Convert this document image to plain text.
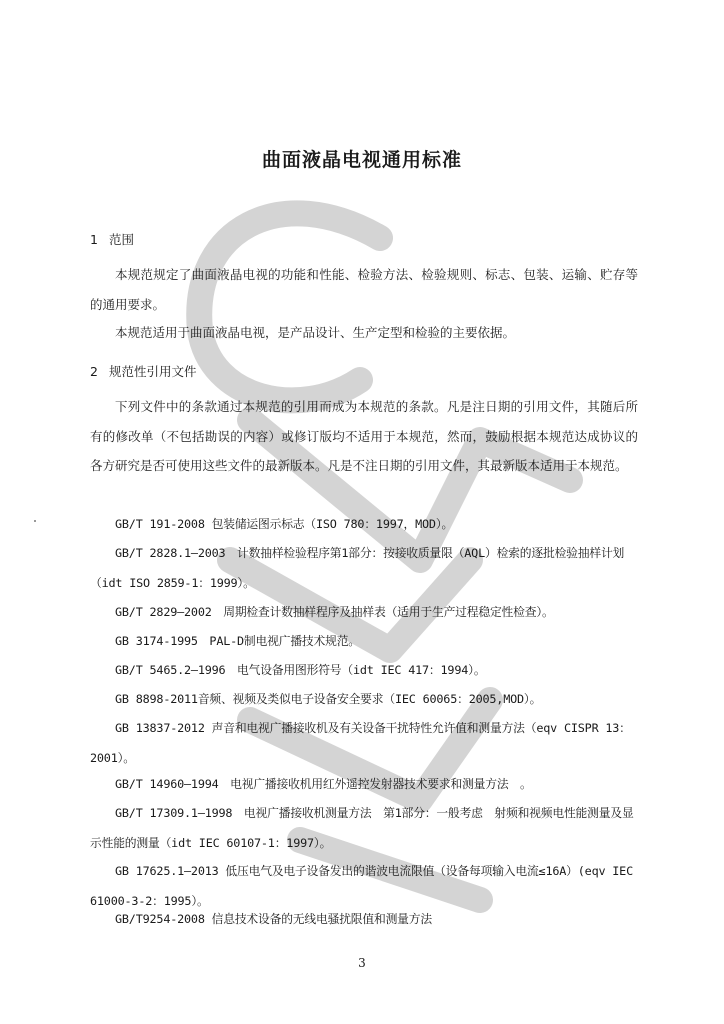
曲面液晶电视通用标准
1 范围
本规范规定了曲面液晶电视的功能和性能、检验方法、检验规则、标志、包装、运输、贮存等的通用要求。
本规范适用于曲面液晶电视，是产品设计、生产定型和检验的主要依据。
2 规范性引用文件
下列文件中的条款通过本规范的引用而成为本规范的条款。凡是注日期的引用文件，其随后所有的修改单（不包括勘误的内容）或修订版均不适用于本规范，然而，鼓励根据本规范达成协议的各方研究是否可使用这些文件的最新版本。凡是不注日期的引用文件，其最新版本适用于本规范。
GB/T 191-2008 包装储运图示标志（ISO 780：1997，MOD）。
GB/T 2828.1—2003　计数抽样检验程序第1部分：按接收质量限（AQL）检索的逐批检验抽样计划（idt ISO 2859-1：1999）。
GB/T 2829—2002　周期检查计数抽样程序及抽样表（适用于生产过程稳定性检查）。
GB 3174-1995　PAL-D制电视广播技术规范。
GB/T 5465.2—1996　电气设备用图形符号（idt IEC 417：1994）。
GB 8898-2011音频、视频及类似电子设备安全要求（IEC 60065：2005,MOD）。
GB 13837-2012 声音和电视广播接收机及有关设备干扰特性允许值和测量方法（eqv CISPR 13：2001）。
GB/T 14960—1994　电视广播接收机用红外遥控发射器技术要求和测量方法　。
GB/T 17309.1—1998　电视广播接收机测量方法　第1部分：一般考虑　射频和视频电性能测量及显示性能的测量（idt IEC 60107-1：1997）。
GB 17625.1—2013 低压电气及电子设备发出的谐波电流限值（设备每项输入电流≤16A）(eqv IEC 61000-3-2：1995）。
GB/T9254-2008 信息技术设备的无线电骚扰限值和测量方法
3
